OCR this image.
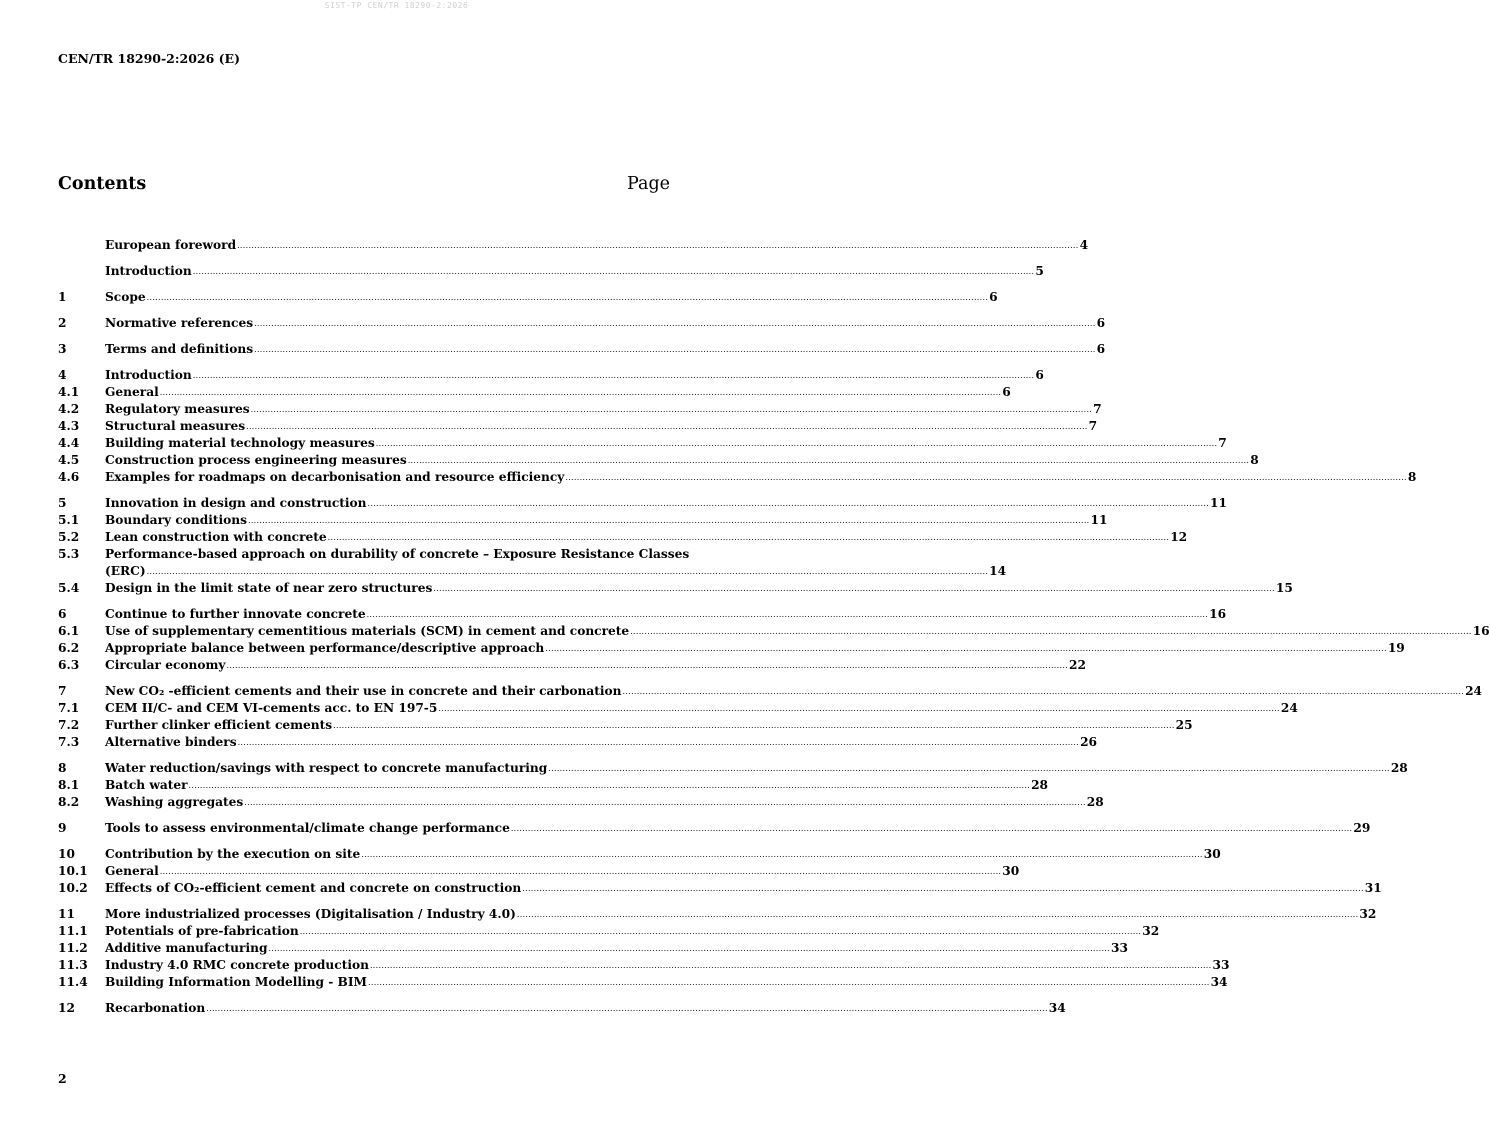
SIST-TP CEN/TR 18290-2:2026
CEN/TR 18290-2:2026 (E)
Contents	Page
European foreword .....	4
Introduction .....	5
1	Scope .....	6
2	Normative references .....	6
3	Terms and definitions .....	6
4	Introduction .....	6
4.1	General .....	6
4.2	Regulatory measures .....	7
4.3	Structural measures .....	7
4.4	Building material technology measures .....	7
4.5	Construction process engineering measures .....	8
4.6	Examples for roadmaps on decarbonisation and resource efficiency .....	8
5	Innovation in design and construction .....	11
5.1	Boundary conditions .....	11
5.2	Lean construction with concrete .....	12
5.3	Performance-based approach on durability of concrete – Exposure Resistance Classes
(ERC) .....	14
5.4	Design in the limit state of near zero structures .....	15
6	Continue to further innovate concrete .....	16
6.1	Use of supplementary cementitious materials (SCM) in cement and concrete .....	16
6.2	Appropriate balance between performance/descriptive approach .....	19
6.3	Circular economy .....	22
7	New CO₂ -efficient cements and their use in concrete and their carbonation .....	24
7.1	CEM II/C- and CEM VI-cements acc. to EN 197-5 .....	24
7.2	Further clinker efficient cements .....	25
7.3	Alternative binders .....	26
8	Water reduction/savings with respect to concrete manufacturing .....	28
8.1	Batch water .....	28
8.2	Washing aggregates .....	28
9	Tools to assess environmental/climate change performance .....	29
10	Contribution by the execution on site .....	30
10.1	General .....	30
10.2	Effects of CO₂-efficient cement and concrete on construction .....	31
11	More industrialized processes (Digitalisation / Industry 4.0) .....	32
11.1	Potentials of pre-fabrication .....	32
11.2	Additive manufacturing .....	33
11.3	Industry 4.0 RMC concrete production .....	33
11.4	Building Information Modelling - BIM .....	34
12	Recarbonation .....	34
2
